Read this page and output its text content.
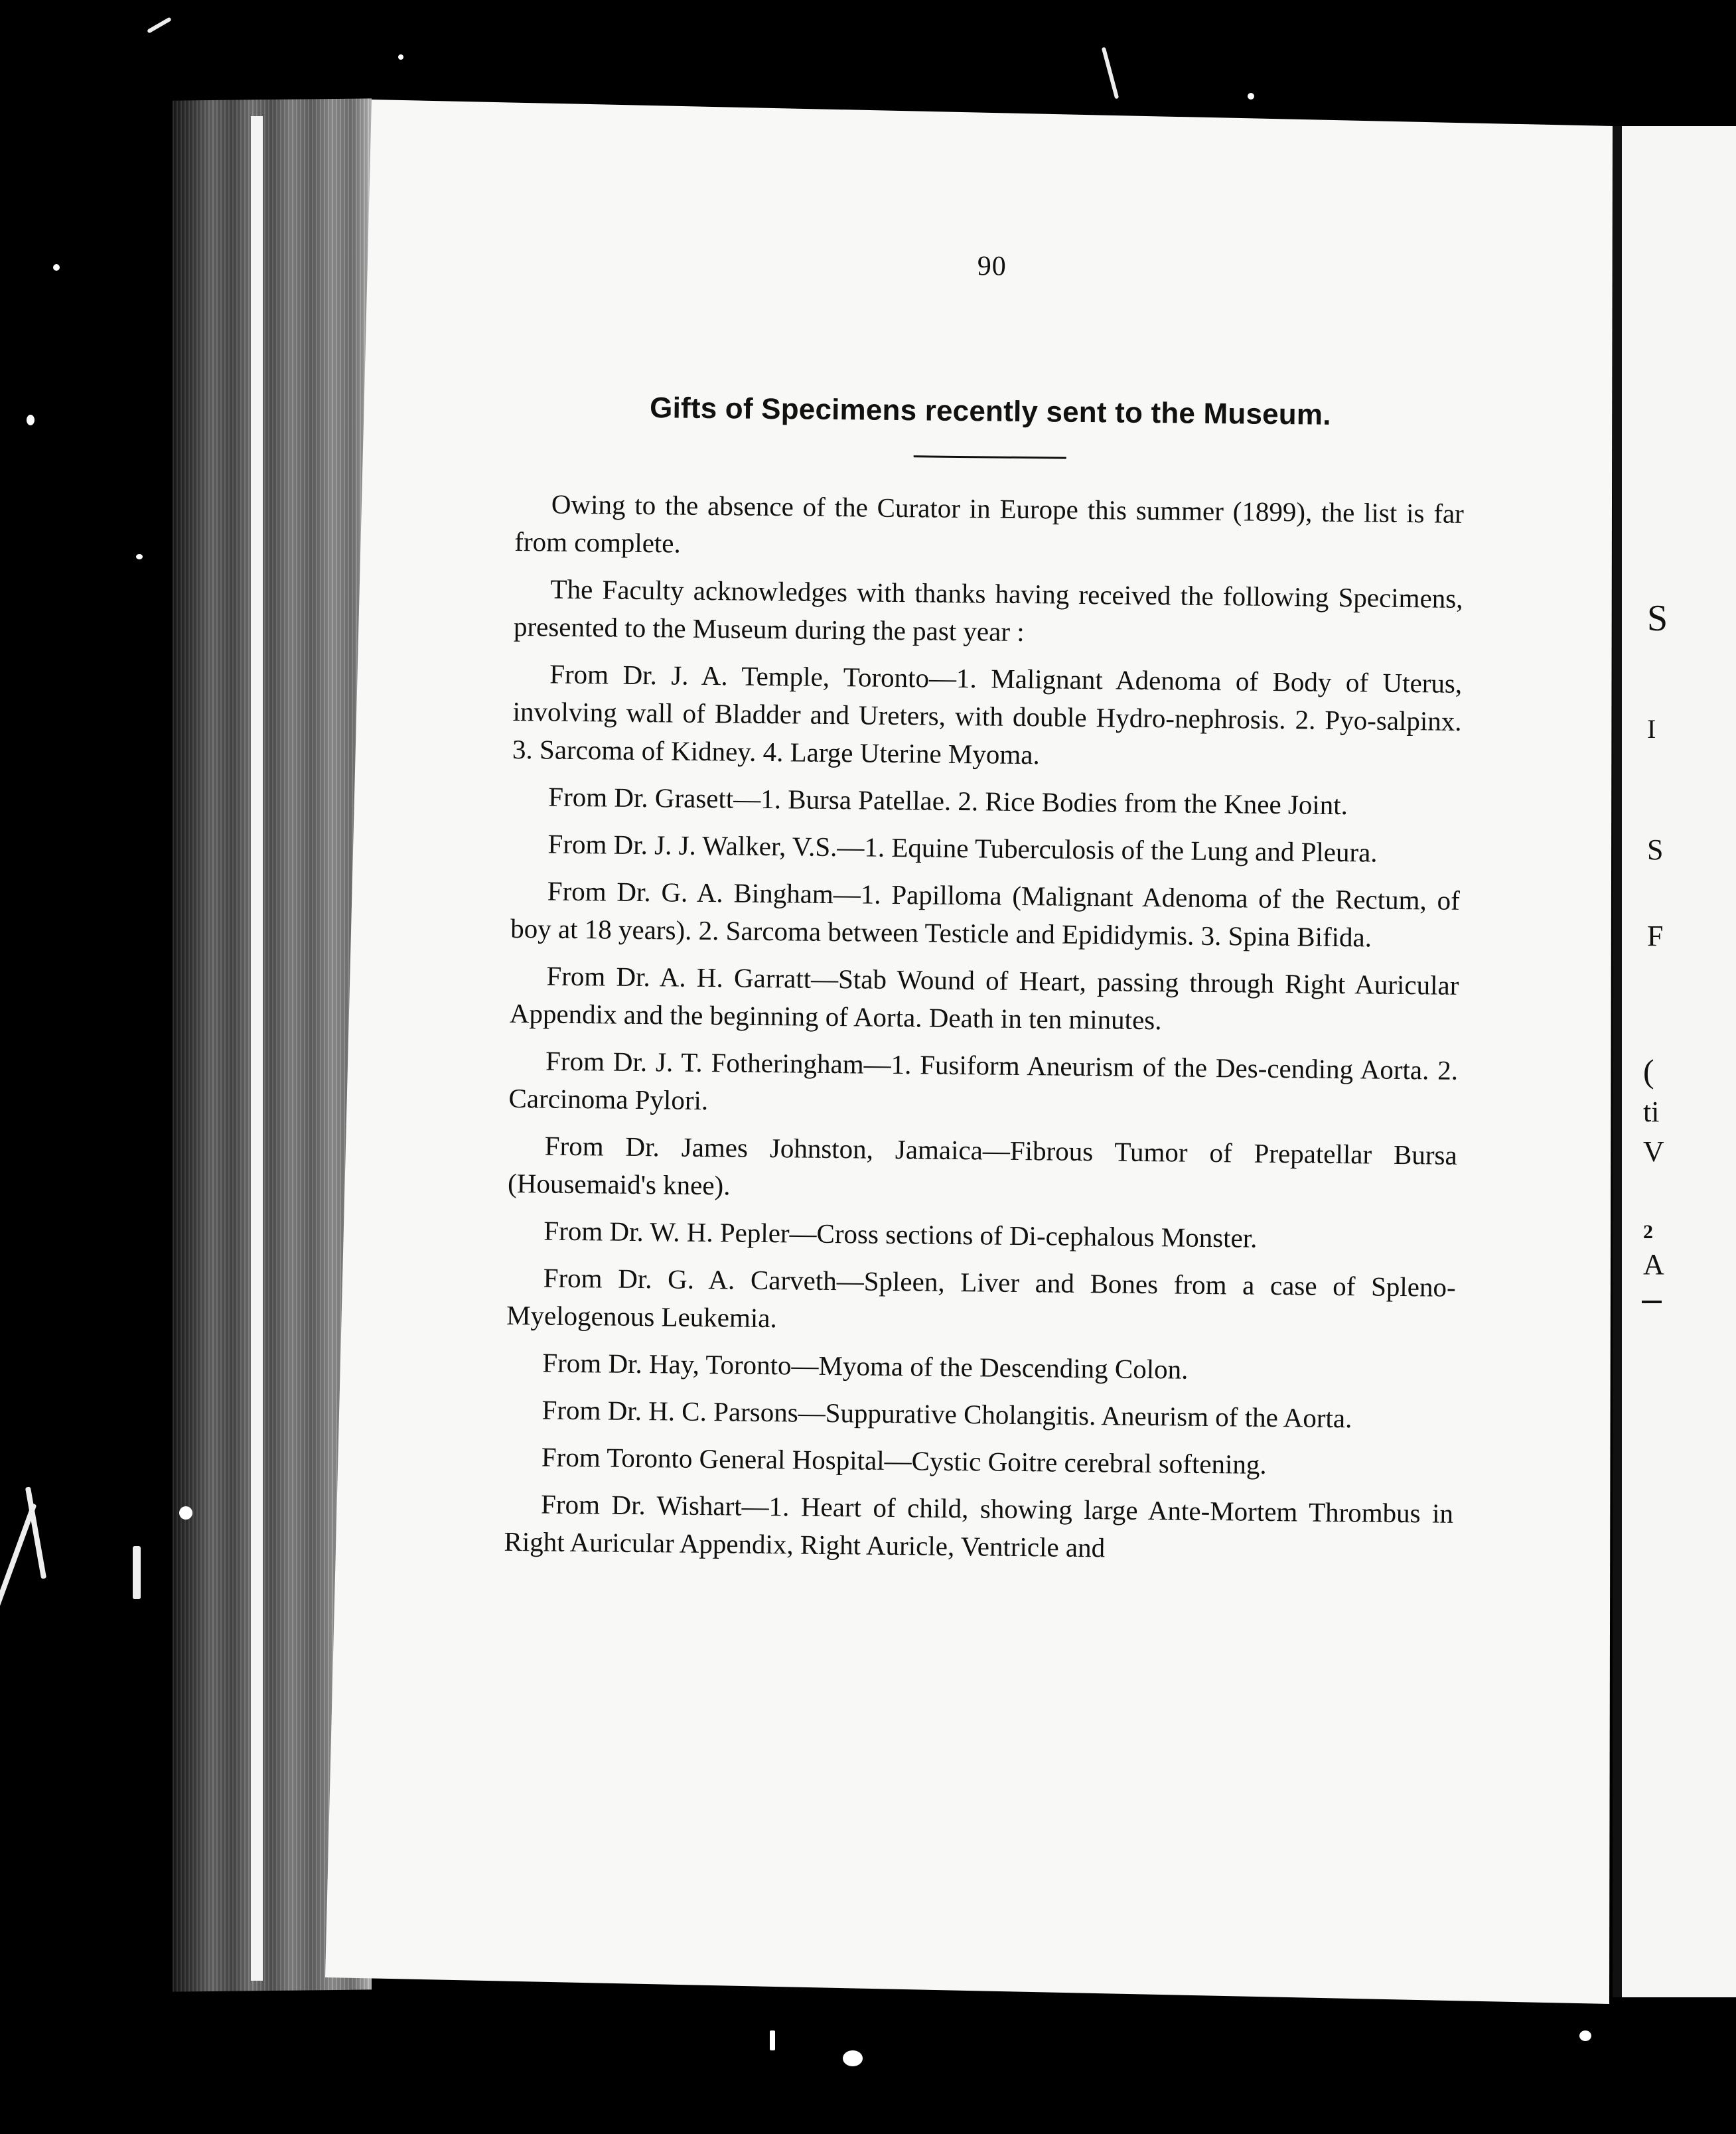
S
I
S
F
(
ti
V
2
A
90
Gifts of Specimens recently sent to the Museum.

Owing to the absence of the Curator in Europe this summer (1899), the list is far from complete.

The Faculty acknowledges with thanks having received the following Specimens, presented to the Museum during the past year :

From Dr. J. A. Temple, Toronto—1. Malignant Adenoma of Body of Uterus, involving wall of Bladder and Ureters, with double Hydro-nephrosis. 2. Pyo-salpinx. 3. Sarcoma of Kidney. 4. Large Uterine Myoma.

From Dr. Grasett—1. Bursa Patellae. 2. Rice Bodies from the Knee Joint.

From Dr. J. J. Walker, V.S.—1. Equine Tuberculosis of the Lung and Pleura.

From Dr. G. A. Bingham—1. Papilloma (Malignant Adenoma of the Rectum, of boy at 18 years). 2. Sarcoma between Testicle and Epididymis. 3. Spina Bifida.

From Dr. A. H. Garratt—Stab Wound of Heart, passing through Right Auricular Appendix and the beginning of Aorta. Death in ten minutes.

From Dr. J. T. Fotheringham—1. Fusiform Aneurism of the Des-cending Aorta. 2. Carcinoma Pylori.

From Dr. James Johnston, Jamaica—Fibrous Tumor of Prepatellar Bursa (Housemaid's knee).

From Dr. W. H. Pepler—Cross sections of Di-cephalous Monster.

From Dr. G. A. Carveth—Spleen, Liver and Bones from a case of Spleno-Myelogenous Leukemia.

From Dr. Hay, Toronto—Myoma of the Descending Colon.

From Dr. H. C. Parsons—Suppurative Cholangitis. Aneurism of the Aorta.

From Toronto General Hospital—Cystic Goitre cerebral softening.

From Dr. Wishart—1. Heart of child, showing large Ante-Mortem Thrombus in Right Auricular Appendix, Right Auricle, Ventricle and
